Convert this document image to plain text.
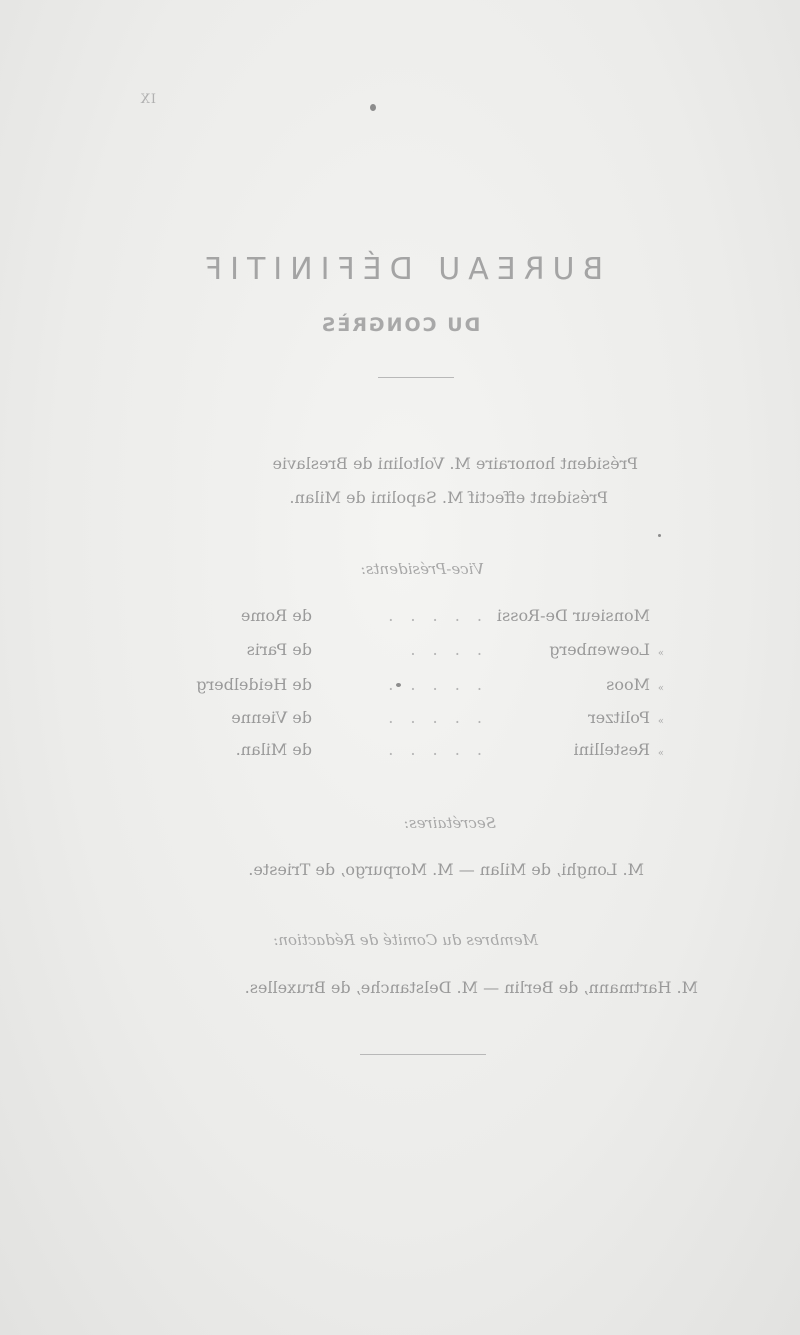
IX
BUREAU DÉFINITIF
DU CONGRÈS
Président honoraire M. Voltolini de Breslavie
Président effectif M. Sapolini de Milan.
Vice-Présidents:
Monsieur De-Rossi
. . . . .
de Rome
»
Loewenberg
. . . .
de Paris
»
Moos
. . . . .
de Heidelberg
»
Politzer
. . . . .
de Vienne
»
Restellini
. . . . .
de Milan.
Secrétaires:
M. Longhi, de Milan — M. Morpurgo, de Trieste.
Membres du Comité de Rédaction:
M. Hartmann, de Berlin — M. Delstanche, de Bruxelles.
